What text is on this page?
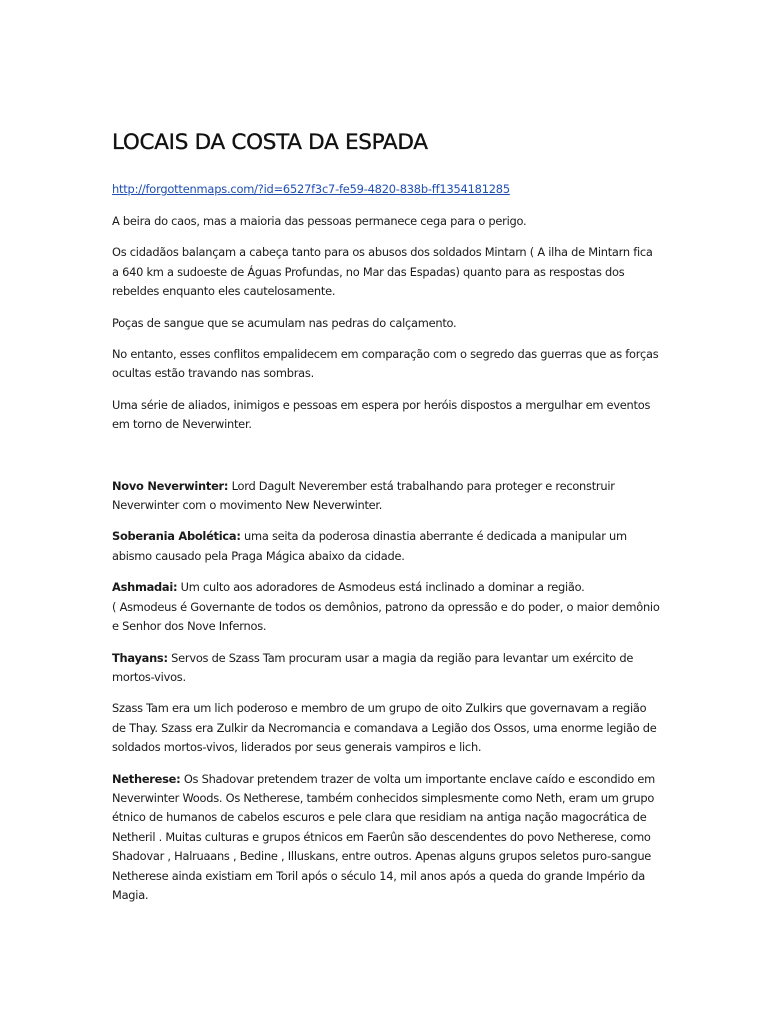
LOCAIS DA COSTA DA ESPADA
http://forgottenmaps.com/?id=6527f3c7-fe59-4820-838b-ff1354181285

A beira do caos, mas a maioria das pessoas permanece cega para o perigo.

Os cidadãos balançam a cabeça tanto para os abusos dos soldados Mintarn ( A ilha de Mintarn fica a 640 km a sudoeste de Águas Profundas, no Mar das Espadas) quanto para as respostas dos rebeldes enquanto eles cautelosamente.

Poças de sangue que se acumulam nas pedras do calçamento.

No entanto, esses conflitos empalidecem em comparação com o segredo das guerras que as forças ocultas estão travando nas sombras.

Uma série de aliados, inimigos e pessoas em espera por heróis dispostos a mergulhar em eventos em torno de Neverwinter.

Novo Neverwinter: Lord Dagult Neverember está trabalhando para proteger e reconstruir Neverwinter com o movimento New Neverwinter.

Soberania Abolética: uma seita da poderosa dinastia aberrante é dedicada a manipular um abismo causado pela Praga Mágica abaixo da cidade.

Ashmadai: Um culto aos adoradores de Asmodeus está inclinado a dominar a região.
( Asmodeus é Governante de todos os demônios, patrono da opressão e do poder, o maior demônio e Senhor dos Nove Infernos.

Thayans: Servos de Szass Tam procuram usar a magia da região para levantar um exército de mortos-vivos.

Szass Tam era um lich poderoso e membro de um grupo de oito Zulkirs que governavam a região de Thay. Szass era Zulkir da Necromancia e comandava a Legião dos Ossos, uma enorme legião de soldados mortos-vivos, liderados por seus generais vampiros e lich.

Netherese: Os Shadovar pretendem trazer de volta um importante enclave caído e escondido em Neverwinter Woods. Os Netherese, também conhecidos simplesmente como Neth, eram um grupo étnico de humanos de cabelos escuros e pele clara que residiam na antiga nação magocrática de Netheril . Muitas culturas e grupos étnicos em Faerûn são descendentes do povo Netherese, como Shadovar , Halruaans , Bedine , Illuskans, entre outros. Apenas alguns grupos seletos puro-sangue Netherese ainda existiam em Toril após o século 14, mil anos após a queda do grande Império da Magia.
